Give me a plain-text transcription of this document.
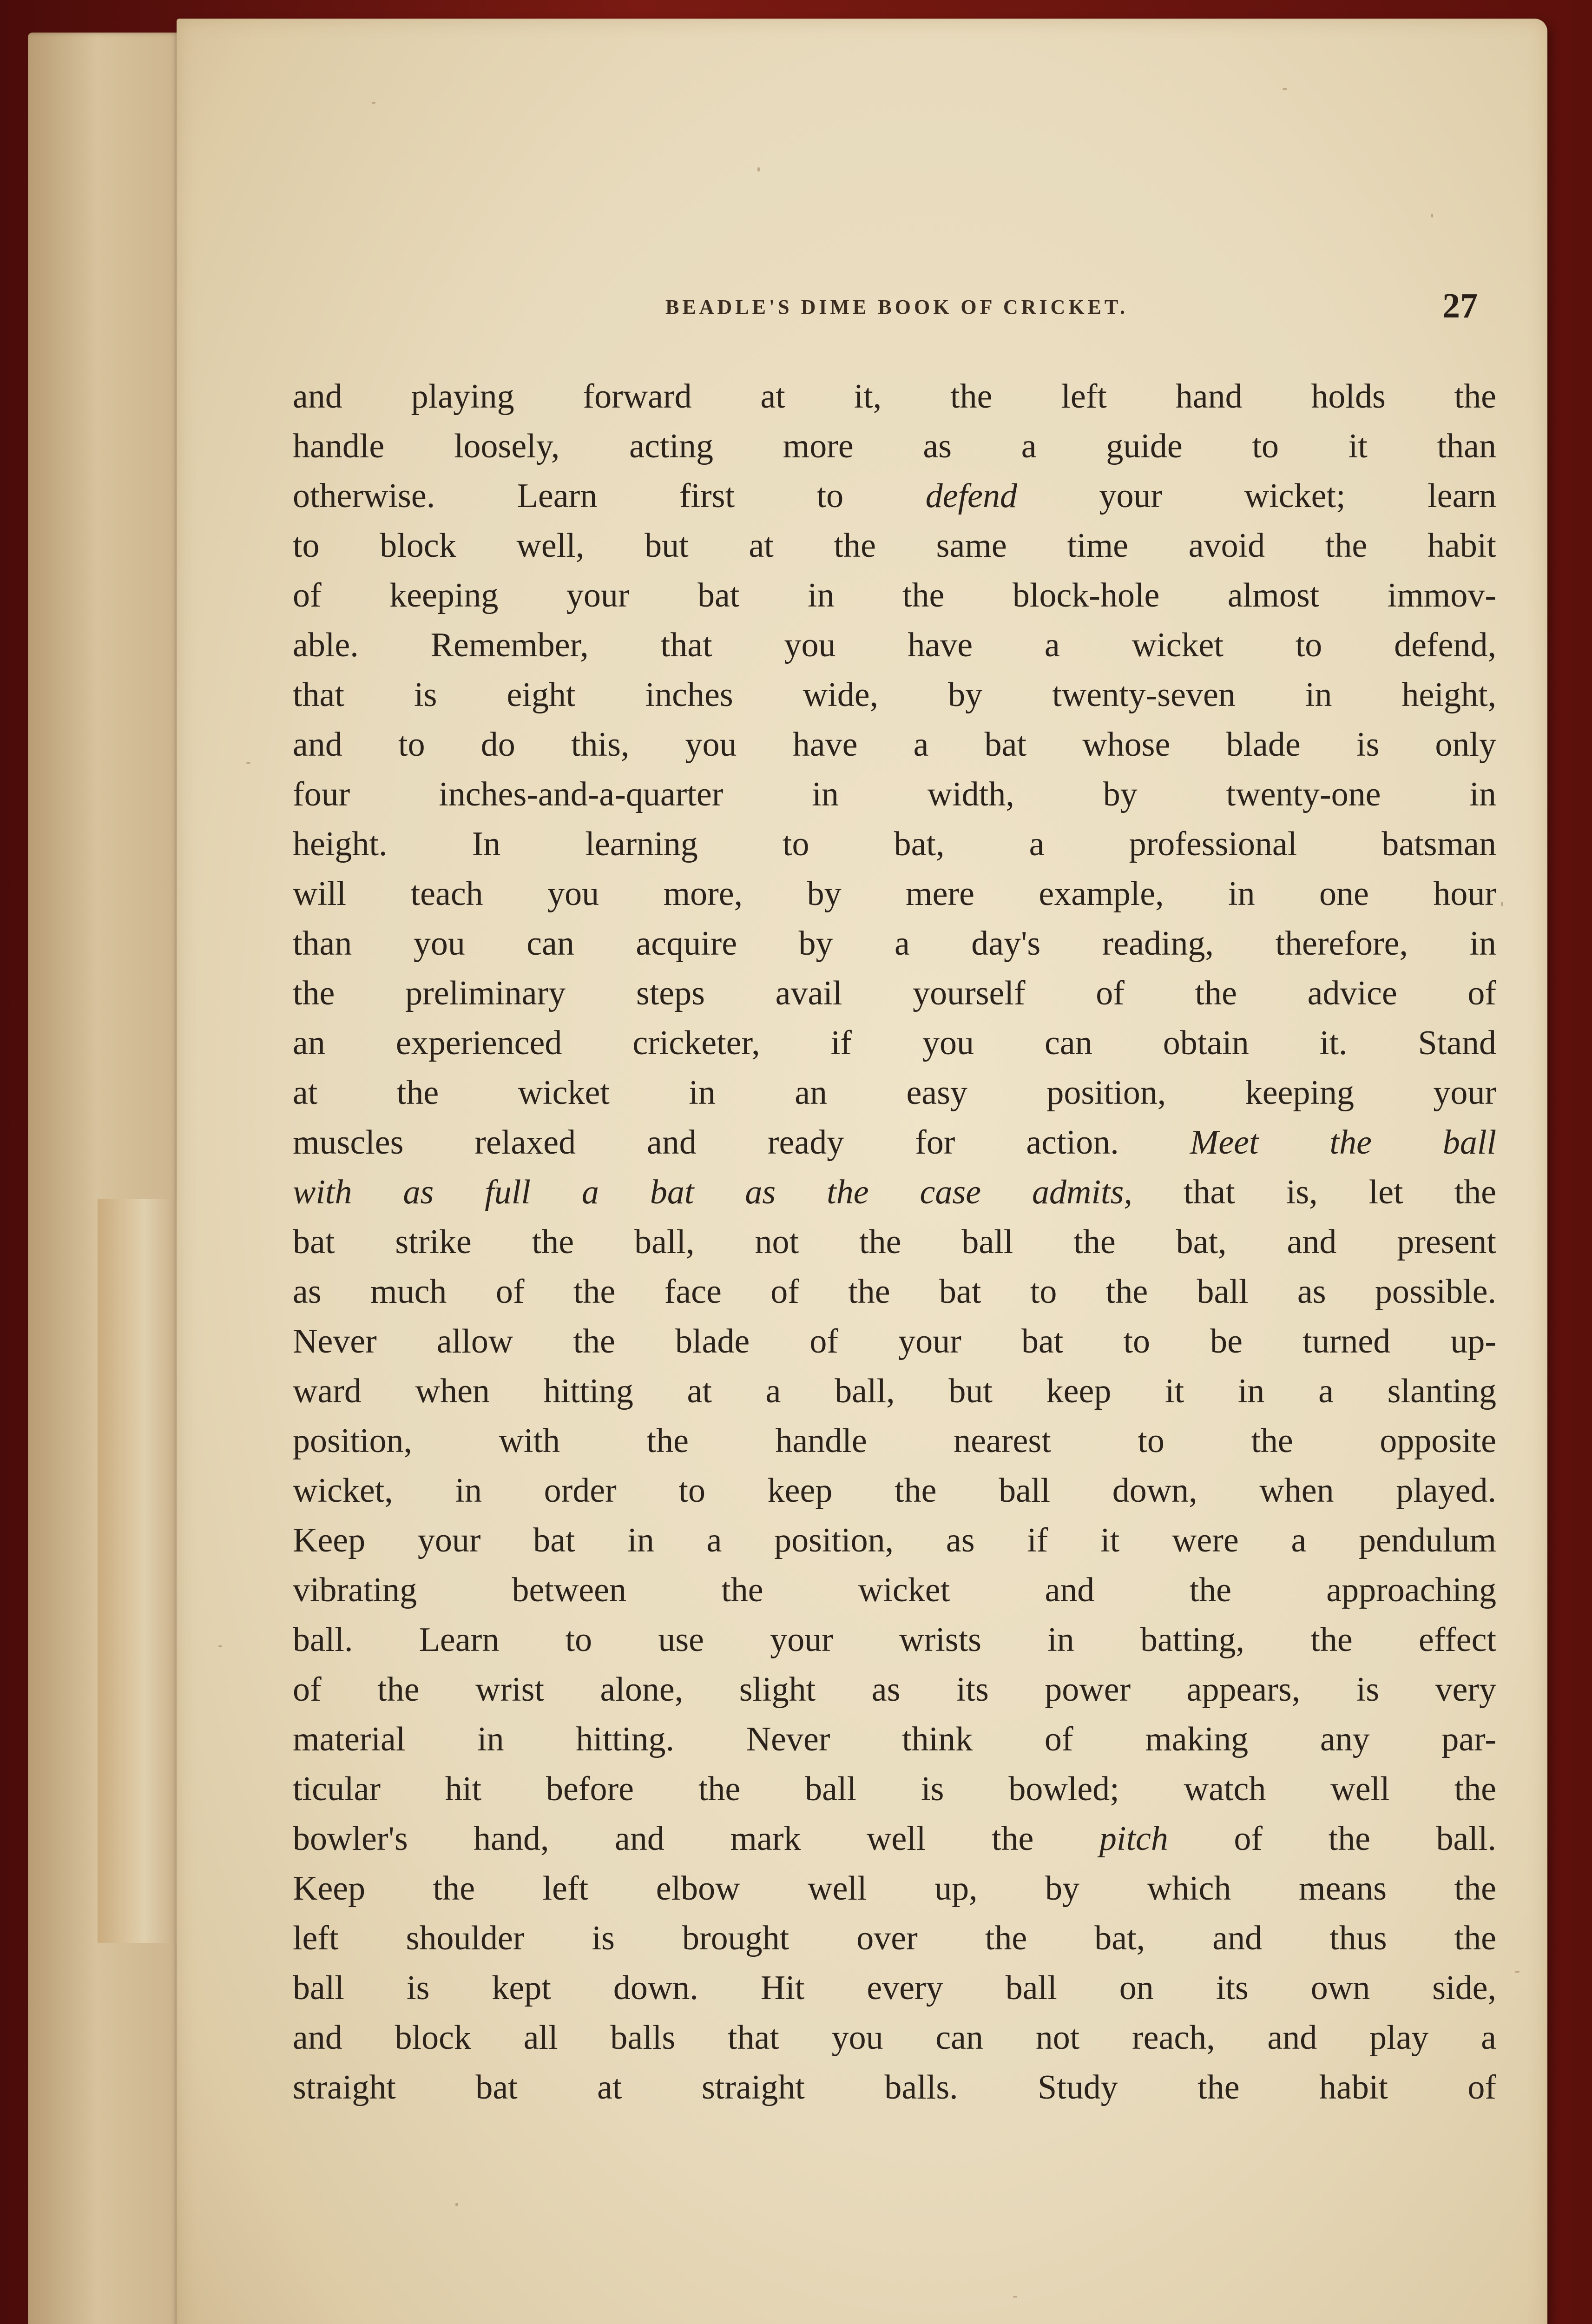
BEADLE'S DIME BOOK OF CRICKET.	27
and playing forward at it, the left hand holds the
handle loosely, acting more as a guide to it than
otherwise. Learn first to defend your wicket; learn
to block well, but at the same time avoid the habit
of keeping your bat in the block-hole almost immov-
able. Remember, that you have a wicket to defend,
that is eight inches wide, by twenty-seven in height,
and to do this, you have a bat whose blade is only
four inches-and-a-quarter in width, by twenty-one in
height. In learning to bat, a professional batsman
will teach you more, by mere example, in one hour
than you can acquire by a day's reading, therefore, in
the preliminary steps avail yourself of the advice of
an experienced cricketer, if you can obtain it. Stand
at the wicket in an easy position, keeping your
muscles relaxed and ready for action. Meet the ball
with as full a bat as the case admits, that is, let the
bat strike the ball, not the ball the bat, and present
as much of the face of the bat to the ball as possible.
Never allow the blade of your bat to be turned up-
ward when hitting at a ball, but keep it in a slanting
position, with the handle nearest to the opposite
wicket, in order to keep the ball down, when played.
Keep your bat in a position, as if it were a pendulum
vibrating between the wicket and the approaching
ball. Learn to use your wrists in batting, the effect
of the wrist alone, slight as its power appears, is very
material in hitting. Never think of making any par-
ticular hit before the ball is bowled; watch well the
bowler's hand, and mark well the pitch of the ball.
Keep the left elbow well up, by which means the
left shoulder is brought over the bat, and thus the
ball is kept down. Hit every ball on its own side,
and block all balls that you can not reach, and play a
straight bat at straight balls. Study the habit of
